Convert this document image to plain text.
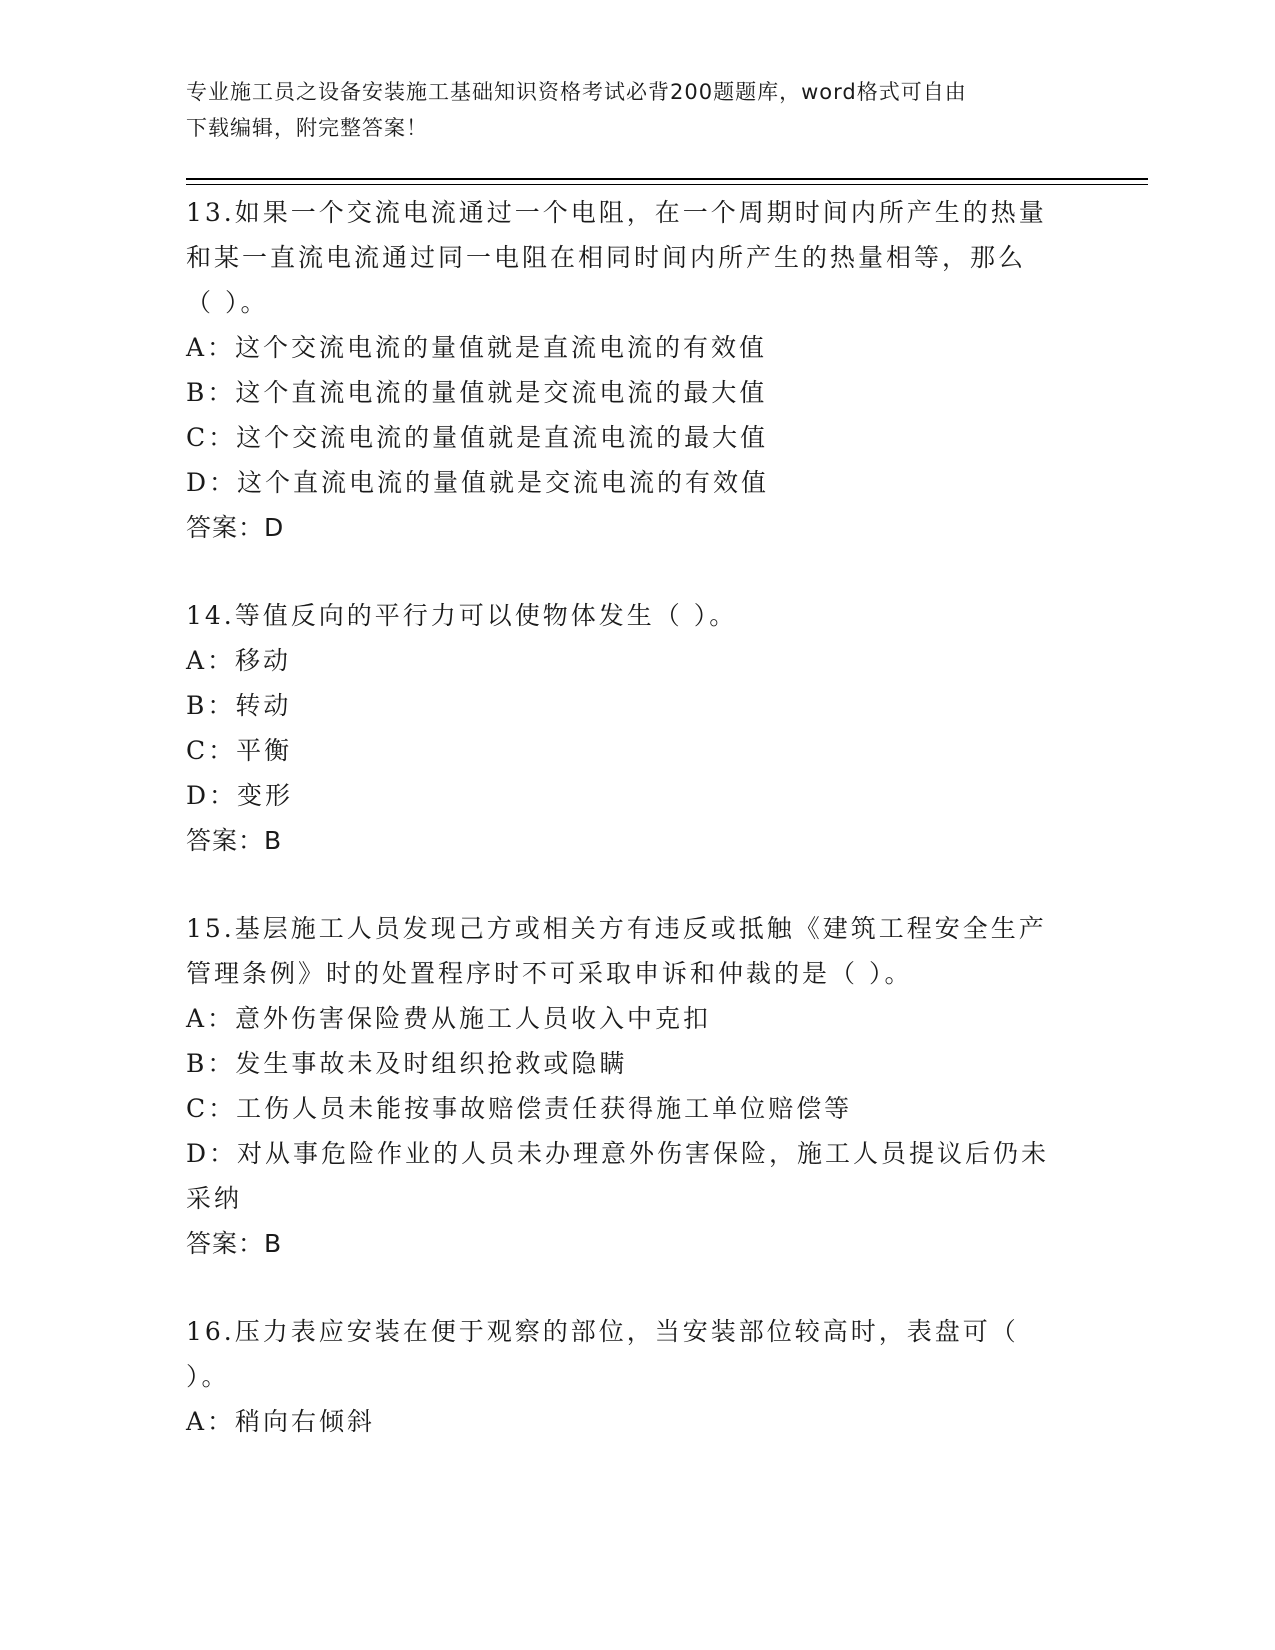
专业施工员之设备安装施工基础知识资格考试必背200题题库，word格式可自由
下载编辑，附完整答案！
13.如果一个交流电流通过一个电阻，在一个周期时间内所产生的热量
和某一直流电流通过同一电阻在相同时间内所产生的热量相等，那么
（ ）。
A：这个交流电流的量值就是直流电流的有效值
B：这个直流电流的量值就是交流电流的最大值
C：这个交流电流的量值就是直流电流的最大值
D：这个直流电流的量值就是交流电流的有效值
答案：D
14.等值反向的平行力可以使物体发生（ ）。
A：移动
B：转动
C：平衡
D：变形
答案：B
15.基层施工人员发现己方或相关方有违反或抵触《建筑工程安全生产
管理条例》时的处置程序时不可采取申诉和仲裁的是（ ）。
A：意外伤害保险费从施工人员收入中克扣
B：发生事故未及时组织抢救或隐瞒
C：工伤人员未能按事故赔偿责任获得施工单位赔偿等
D：对从事危险作业的人员未办理意外伤害保险，施工人员提议后仍未
采纳
答案：B
16.压力表应安装在便于观察的部位，当安装部位较高时，表盘可（
）。
A：稍向右倾斜
